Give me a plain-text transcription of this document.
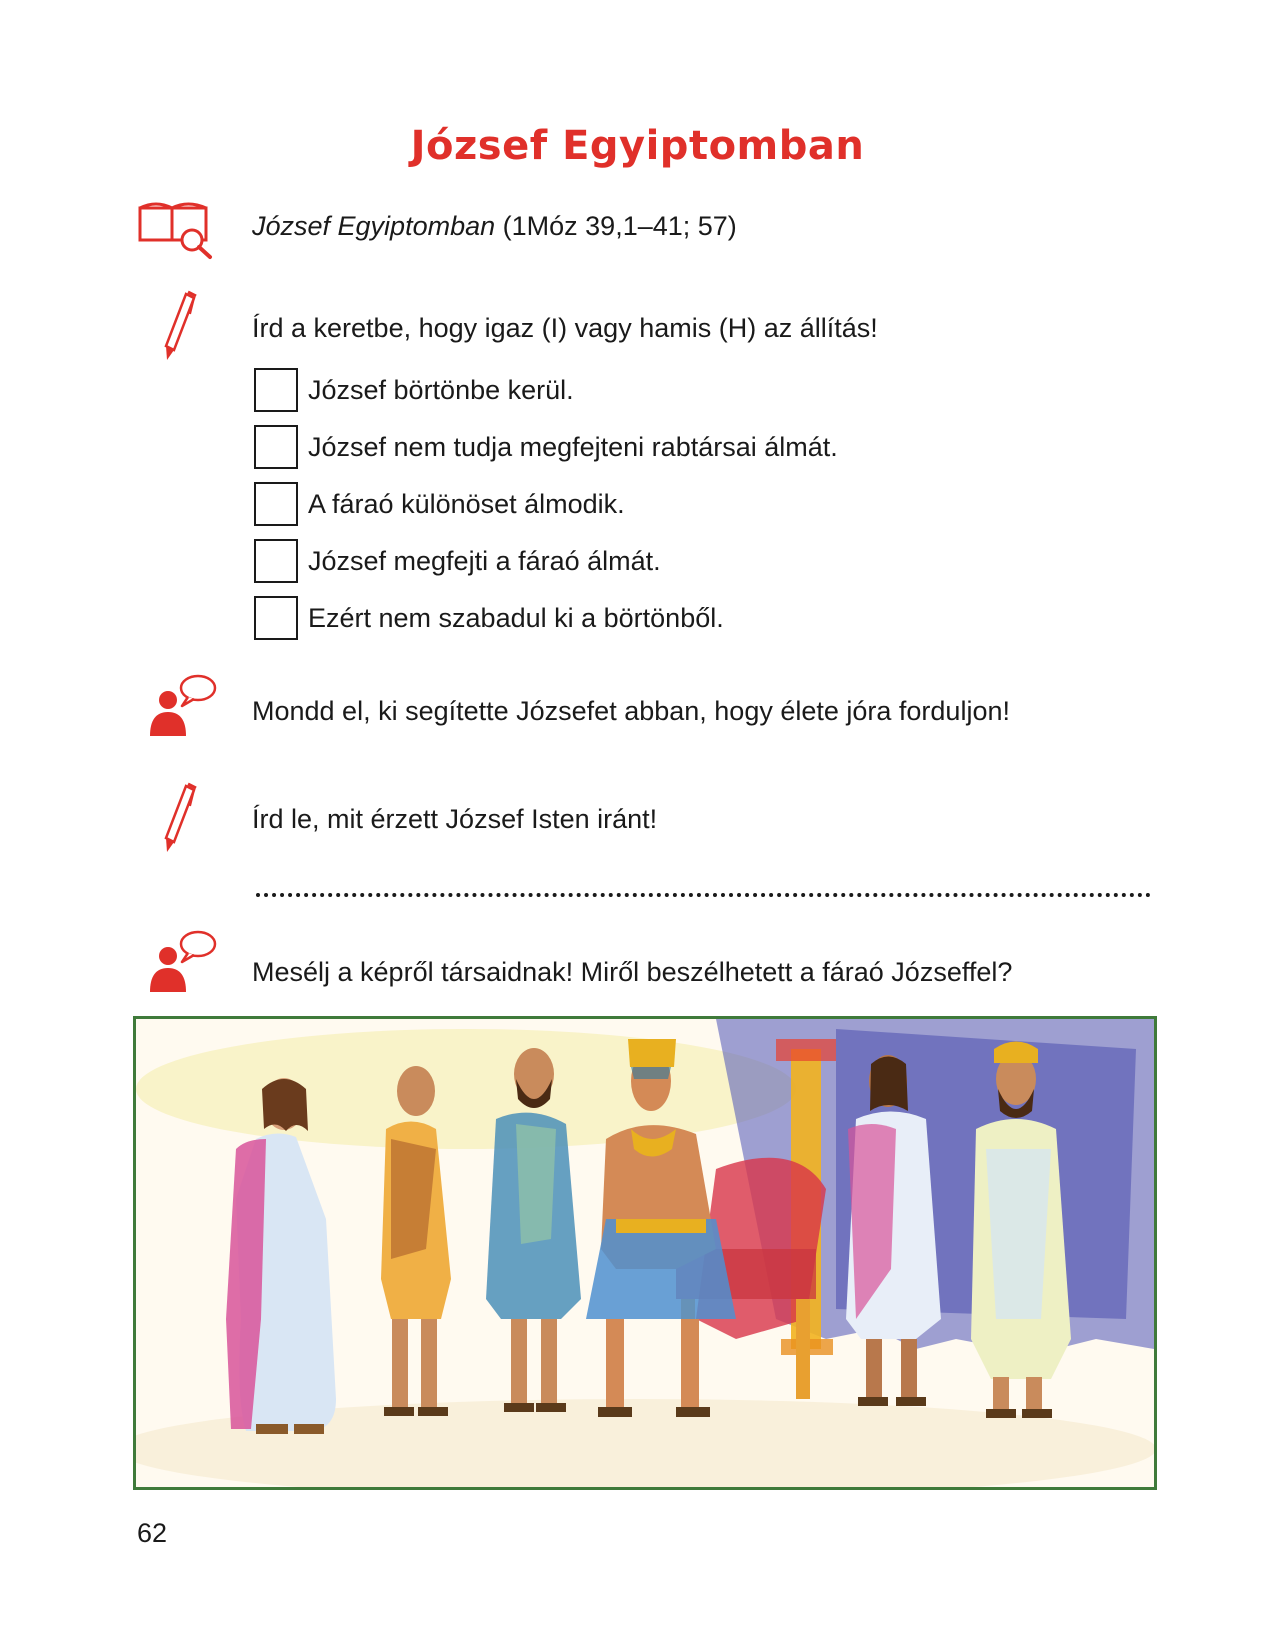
József Egyiptomban
József Egyiptomban (1Móz 39,1–41; 57)
Írd a keretbe, hogy igaz (I) vagy hamis (H) az állítás!
József börtönbe kerül.
József nem tudja megfejteni rabtársai álmát.
A fáraó különöset álmodik.
József megfejti a fáraó álmát.
Ezért nem szabadul ki a börtönből.
Mondd el, ki segítette Józsefet abban, hogy élete jóra forduljon!
Írd le, mit érzett József Isten iránt!
Mesélj a képről társaidnak! Miről beszélhetett a fáraó Józseffel?
62
